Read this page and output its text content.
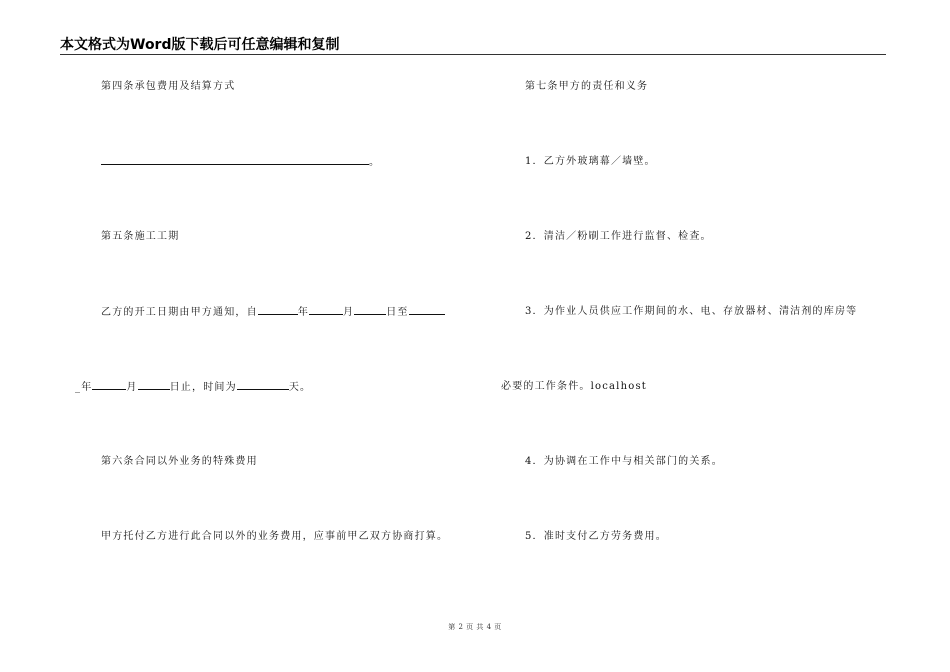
本文格式为Word版下载后可任意编辑和复制
第四条承包费用及结算方式
。
第五条施工工期
乙方的开工日期由甲方通知，自	年	月	日至
_年	月	日止，时间为	天。
第六条合同以外业务的特殊费用
甲方托付乙方进行此合同以外的业务费用，应事前甲乙双方协商打算。
第七条甲方的责任和义务
1．乙方外玻璃幕／墙壁。
2．清洁／粉刷工作进行监督、检查。
3．为作业人员供应工作期间的水、电、存放器材、清洁剂的库房等
必要的工作条件。localhost
4．为协调在工作中与相关部门的关系。
5．准时支付乙方劳务费用。
第 2 页 共 4 页
